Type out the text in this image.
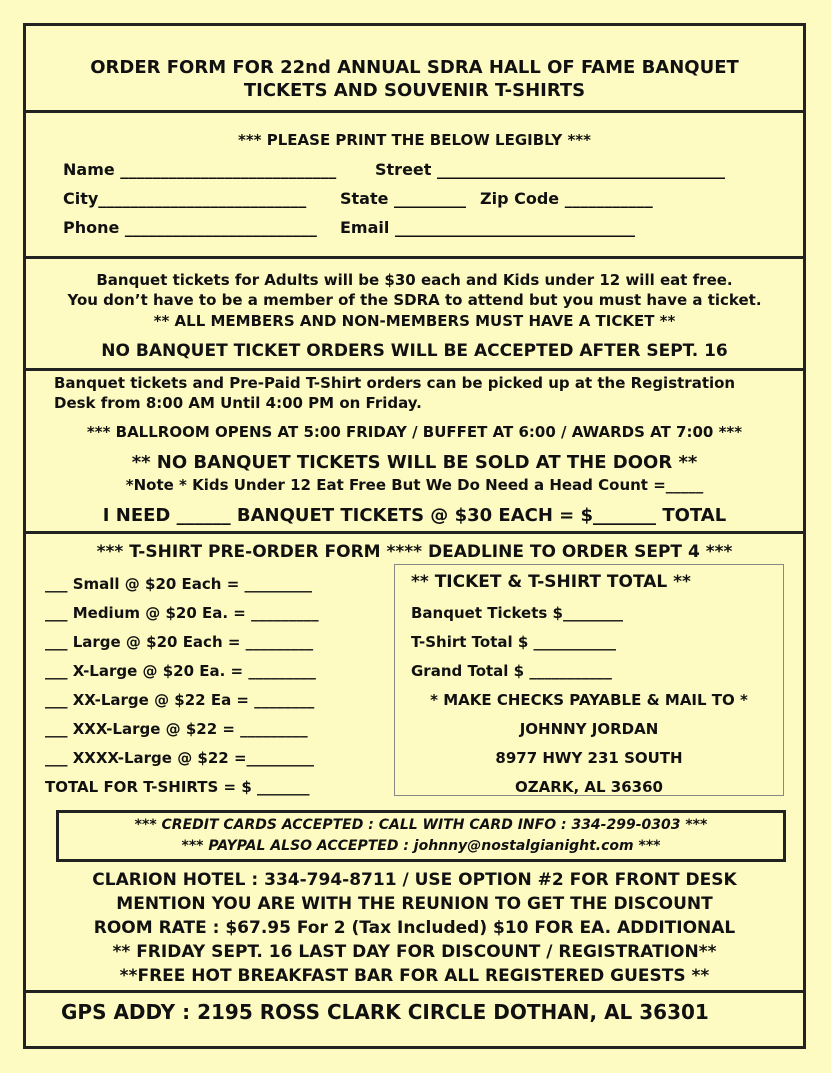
ORDER FORM FOR 22nd ANNUAL SDRA HALL OF FAME BANQUET
TICKETS AND SOUVENIR T-SHIRTS
*** PLEASE PRINT THE BELOW LEGIBLY ***
Name ___________________________ Street ____________________________________
City__________________________ State _________ Zip Code ___________
Phone ________________________ Email ______________________________
Banquet tickets for Adults will be $30 each and Kids under 12 will eat free.
You don’t have to be a member of the SDRA to attend but you must have a ticket.
** ALL MEMBERS AND NON-MEMBERS MUST HAVE A TICKET **
NO BANQUET TICKET ORDERS WILL BE ACCEPTED AFTER SEPT. 16
Banquet tickets and Pre-Paid T-Shirt orders can be picked up at the Registration
Desk from 8:00 AM Until 4:00 PM on Friday.
*** BALLROOM OPENS AT 5:00 FRIDAY / BUFFET AT 6:00 / AWARDS AT 7:00 ***
** NO BANQUET TICKETS WILL BE SOLD AT THE DOOR **
*Note * Kids Under 12 Eat Free But We Do Need a Head Count =_____
I NEED ______ BANQUET TICKETS @ $30 EACH = $_______ TOTAL
*** T-SHIRT PRE-ORDER FORM **** DEADLINE TO ORDER SEPT 4 ***
___ Small @ $20 Each = _________
___ Medium @ $20 Ea. = _________
___ Large @ $20 Each = _________
___ X-Large @ $20 Ea. = _________
___ XX-Large @ $22 Ea = ________
___ XXX-Large @ $22 = _________
___ XXXX-Large @ $22 =_________
TOTAL FOR T-SHIRTS = $ _______
** TICKET & T-SHIRT TOTAL **
Banquet Tickets $________
T-Shirt Total $ ___________
Grand Total $ ___________
* MAKE CHECKS PAYABLE & MAIL TO *
JOHNNY JORDAN
8977 HWY 231 SOUTH
OZARK, AL 36360
*** CREDIT CARDS ACCEPTED : CALL WITH CARD INFO : 334-299-0303 ***
*** PAYPAL ALSO ACCEPTED : johnny@nostalgianight.com ***
CLARION HOTEL : 334-794-8711 / USE OPTION #2 FOR FRONT DESK
MENTION YOU ARE WITH THE REUNION TO GET THE DISCOUNT
ROOM RATE : $67.95 For 2 (Tax Included) $10 FOR EA. ADDITIONAL
** FRIDAY SEPT. 16 LAST DAY FOR DISCOUNT / REGISTRATION**
**FREE HOT BREAKFAST BAR FOR ALL REGISTERED GUESTS **
GPS ADDY : 2195 ROSS CLARK CIRCLE DOTHAN, AL 36301
